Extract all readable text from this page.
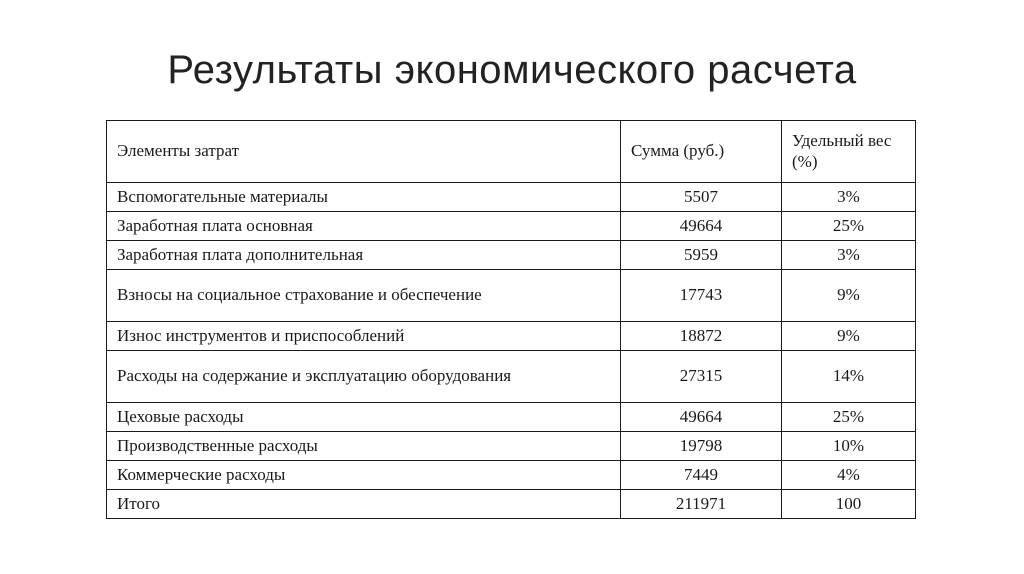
Результаты экономического расчета
Элементы затрат	Сумма (руб.)	Удельный вес (%)
Вспомогательные материалы	5507	3%
Заработная плата основная	49664	25%
Заработная плата дополнительная	5959	3%
Взносы на социальное страхование и обеспечение	17743	9%
Износ инструментов и приспособлений	18872	9%
Расходы на содержание и эксплуатацию оборудования	27315	14%
Цеховые расходы	49664	25%
Производственные расходы	19798	10%
Коммерческие расходы	7449	4%
Итого	211971	100
